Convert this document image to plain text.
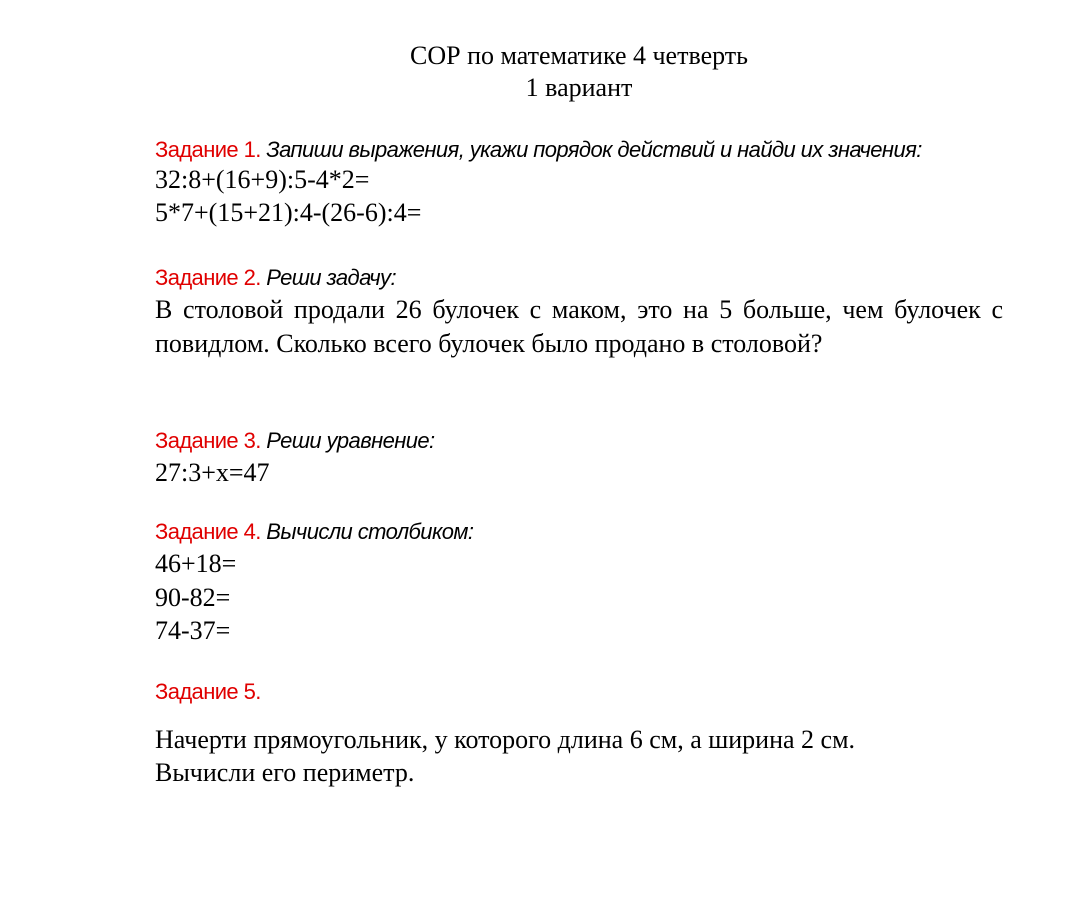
СОР по математике 4 четверть
1 вариант
Задание 1. Запиши выражения, укажи порядок действий и найди их значения:
32:8+(16+9):5-4*2=
5*7+(15+21):4-(26-6):4=
Задание 2. Реши задачу:
В столовой продали 26 булочек с маком, это на 5 больше, чем булочек с повидлом. Сколько всего булочек было продано в столовой?
Задание 3. Реши уравнение:
27:3+x=47
Задание 4. Вычисли столбиком:
46+18=
90-82=
74-37=
Задание 5.
Начерти прямоугольник, у которого длина 6 см, а ширина 2 см.
Вычисли его периметр.
